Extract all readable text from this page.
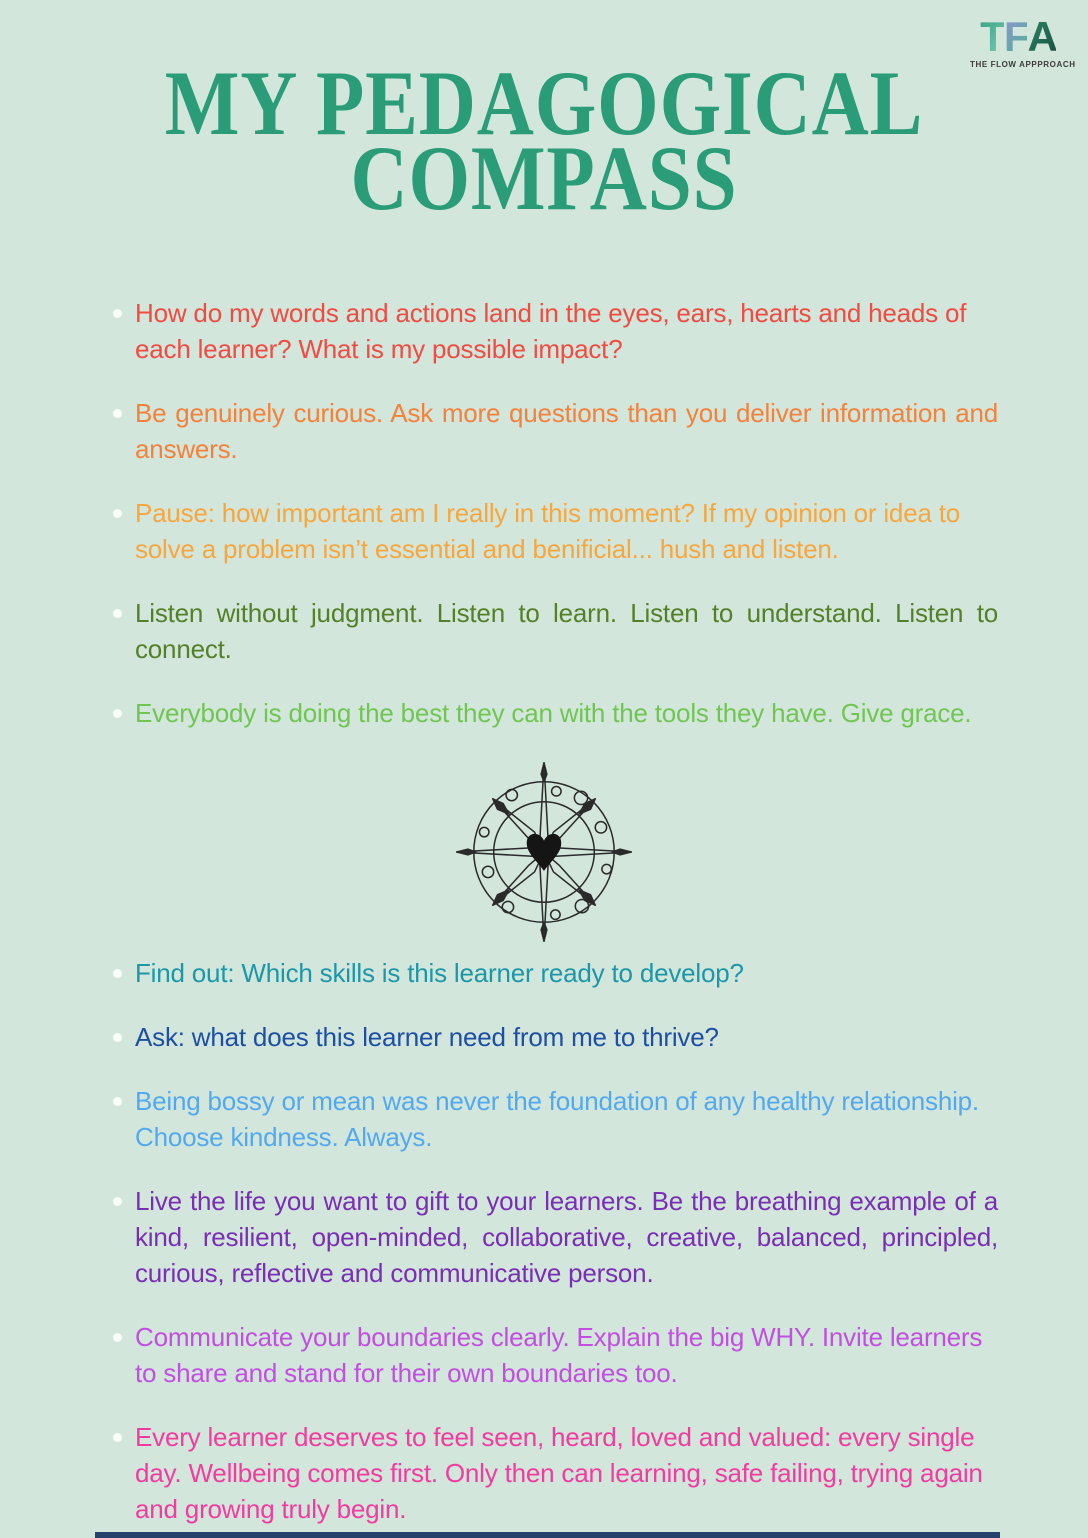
TFA
THE FLOW APPPROACH
MY PEDAGOGICAL
COMPASS
How do my words and actions land in the eyes, ears, hearts and heads of each learner? What is my possible impact?
Be genuinely curious. Ask more questions than you deliver information and answers.
Pause: how important am I really in this moment? If my opinion or idea to solve a problem isn’t essential and benificial... hush and listen.
Listen without judgment. Listen to learn. Listen to understand. Listen to connect.
Everybody is doing the best they can with the tools they have. Give grace.
Find out: Which skills is this learner ready to develop?
Ask: what does this learner need from me to thrive?
Being bossy or mean was never the foundation of any healthy relationship. Choose kindness. Always.
Live the life you want to gift to your learners. Be the breathing example of a kind, resilient, open-minded, collaborative, creative, balanced, principled, curious, reflective and communicative person.
Communicate your boundaries clearly. Explain the big WHY. Invite learners to share and stand for their own boundaries too.
Every learner deserves to feel seen, heard, loved and valued: every single day. Wellbeing comes first. Only then can learning, safe failing, trying again and growing truly begin.
